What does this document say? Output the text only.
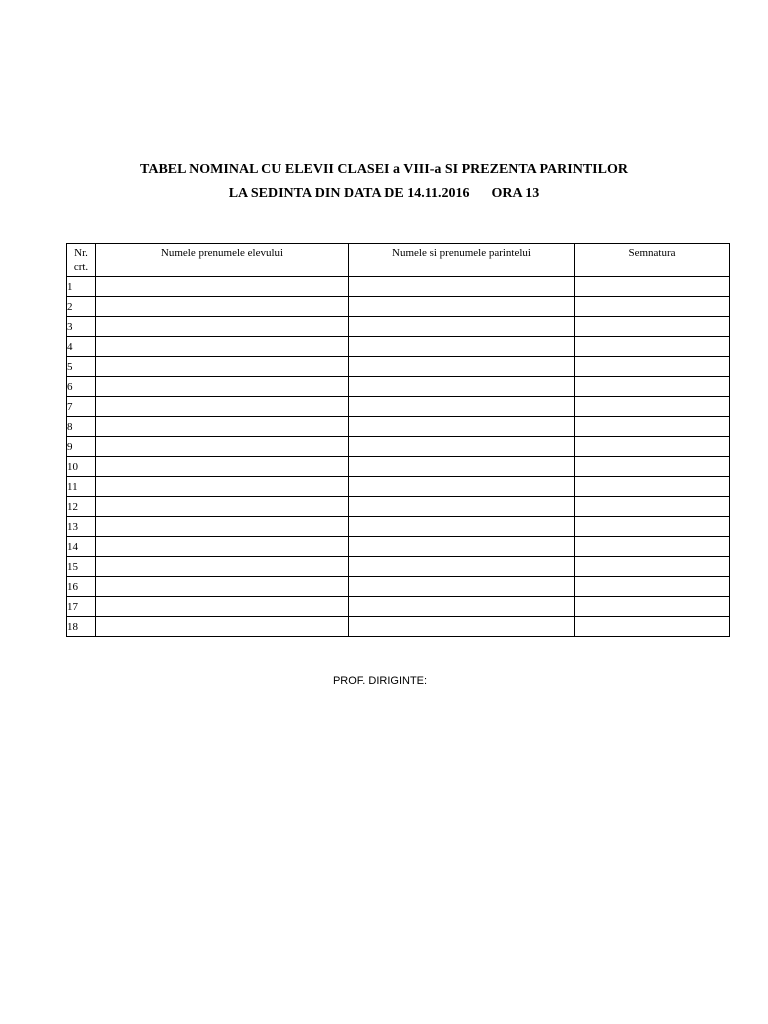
TABEL NOMINAL CU ELEVII CLASEI a VIII-a SI PREZENTA PARINTILOR
LA SEDINTA DIN DATA DE 14.11.2016 ORA 13
Nr. crt.	Numele prenumele elevului	Numele si prenumele parintelui	Semnatura
1			
2			
3			
4			
5			
6			
7			
8			
9			
10			
11			
12			
13			
14			
15			
16			
17			
18			
PROF. DIRIGINTE:
